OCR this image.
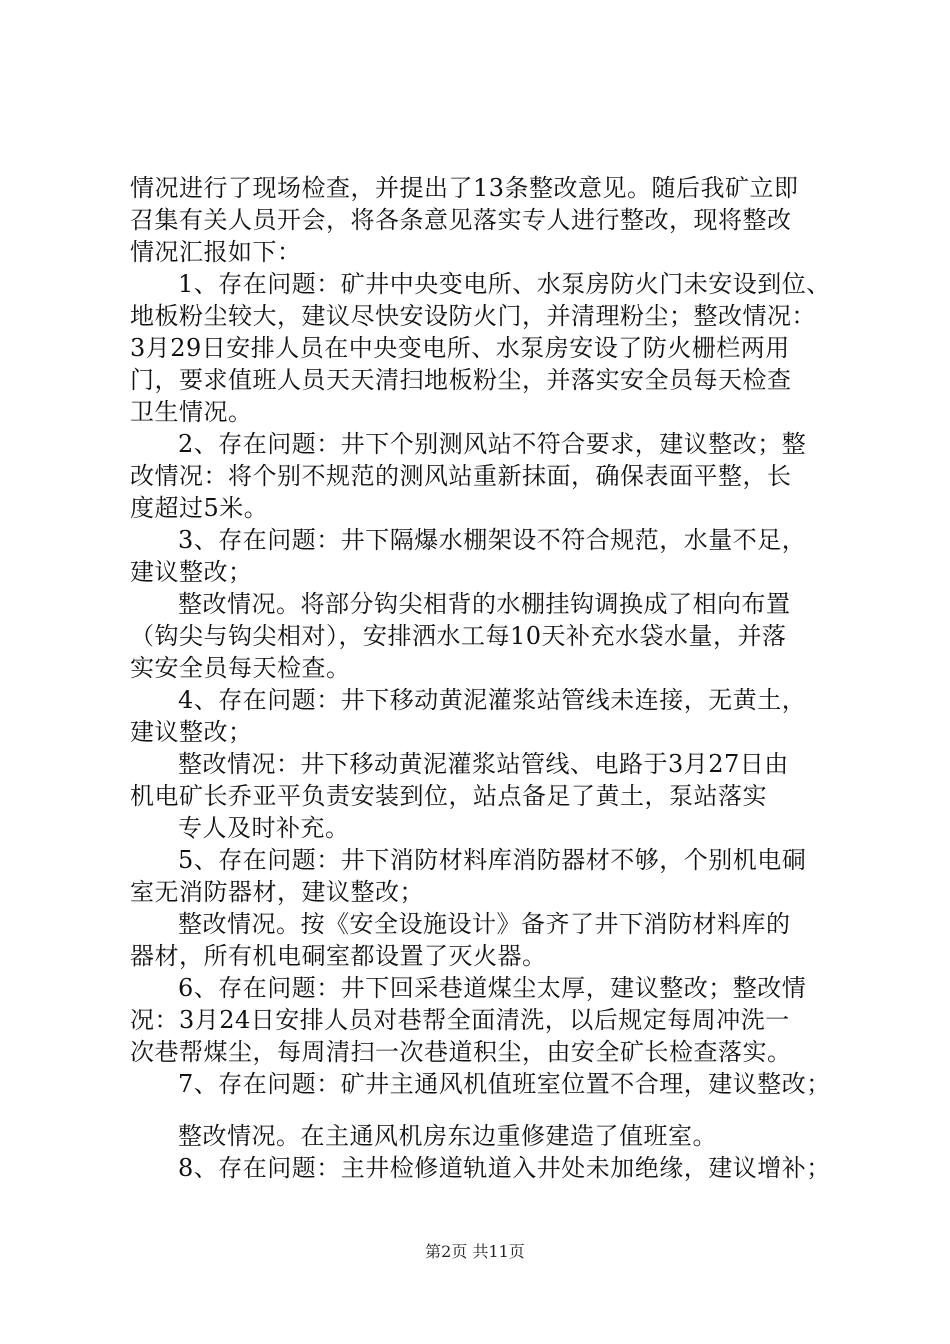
情况进行了现场检查，并提出了13条整改意见。随后我矿立即
召集有关人员开会，将各条意见落实专人进行整改，现将整改
情况汇报如下：
1、存在问题：矿井中央变电所、水泵房防火门未安设到位、
地板粉尘较大，建议尽快安设防火门，并清理粉尘；整改情况：
3月29日安排人员在中央变电所、水泵房安设了防火栅栏两用
门，要求值班人员天天清扫地板粉尘，并落实安全员每天检查
卫生情况。
2、存在问题：井下个别测风站不符合要求，建议整改；整
改情况：将个别不规范的测风站重新抹面，确保表面平整，长
度超过5米。
3、存在问题：井下隔爆水棚架设不符合规范，水量不足，
建议整改；
整改情况。将部分钩尖相背的水棚挂钩调换成了相向布置
（钩尖与钩尖相对），安排洒水工每10天补充水袋水量，并落
实安全员每天检查。
4、存在问题：井下移动黄泥灌浆站管线未连接，无黄土，
建议整改；
整改情况：井下移动黄泥灌浆站管线、电路于3月27日由
机电矿长乔亚平负责安装到位，站点备足了黄土，泵站落实
专人及时补充。
5、存在问题：井下消防材料库消防器材不够，个别机电硐
室无消防器材，建议整改；
整改情况。按《安全设施设计》备齐了井下消防材料库的
器材，所有机电硐室都设置了灭火器。
6、存在问题：井下回采巷道煤尘太厚，建议整改；整改情
况：3月24日安排人员对巷帮全面清洗，以后规定每周冲洗一
次巷帮煤尘，每周清扫一次巷道积尘，由安全矿长检查落实。
7、存在问题：矿井主通风机值班室位置不合理，建议整改；
整改情况。在主通风机房东边重修建造了值班室。
8、存在问题：主井检修道轨道入井处未加绝缘，建议增补；
第2页 共11页
